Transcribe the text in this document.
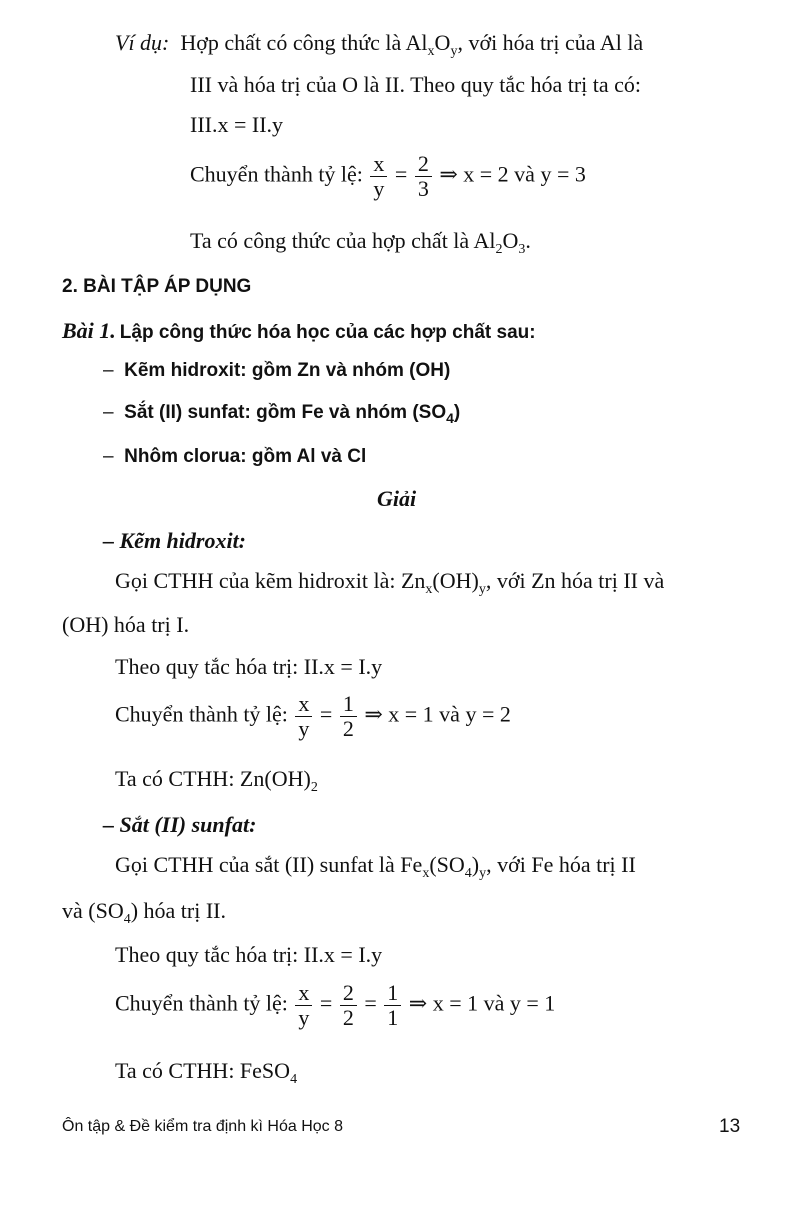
Ví dụ: Hợp chất có công thức là $Al_xO_y$, với hóa trị của Al là
III và hóa trị của O là II. Theo quy tắc hóa trị ta có:
III.x = II.y
Chuyển thành tỷ lệ: $\frac{x}{y} = \frac{2}{3}$ ⇒ x = 2 và y = 3
Ta có công thức của hợp chất là $Al_2O_3$.
2. BÀI TẬP ÁP DỤNG
Bài 1. Lập công thức hóa học của các hợp chất sau:
– Kẽm hidroxit: gồm Zn và nhóm (OH)
– Sắt (II) sunfat: gồm Fe và nhóm $(SO_4)$
– Nhôm clorua: gồm Al và Cl
Giải
– Kẽm hidroxit:
Gọi CTHH của kẽm hidroxit là: $Zn_x(OH)_y$, với Zn hóa trị II và
(OH) hóa trị I.
Theo quy tắc hóa trị: II.x = I.y
Chuyển thành tỷ lệ: $\frac{x}{y} = \frac{1}{2}$ ⇒ x = 1 và y = 2
Ta có CTHH: $Zn(OH)_2$
– Sắt (II) sunfat:
Gọi CTHH của sắt (II) sunfat là $Fe_x(SO_4)_y$, với Fe hóa trị II
và $(SO_4)$ hóa trị II.
Theo quy tắc hóa trị: II.x = I.y
Chuyển thành tỷ lệ: $\frac{x}{y} = \frac{2}{2} = \frac{1}{1}$ ⇒ x = 1 và y = 1
Ta có CTHH: FeSO$_4$
Ôn tập & Đề kiểm tra định kì Hóa Học 8	13
